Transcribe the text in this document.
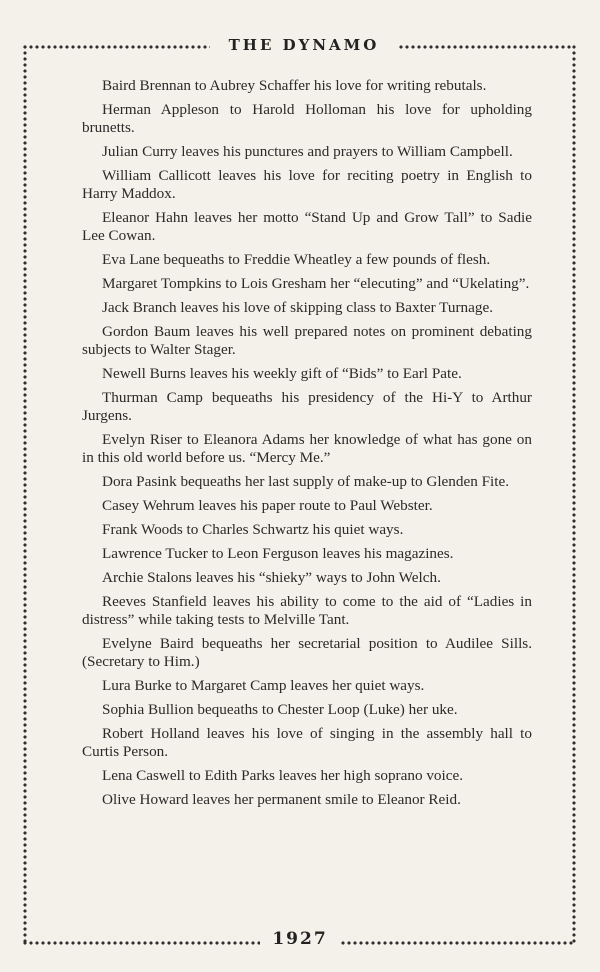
THE DYNAMO

Baird Brennan to Aubrey Schaffer his love for writing rebutals.

Herman Appleson to Harold Holloman his love for upholding brunetts.

Julian Curry leaves his punctures and prayers to William Campbell.

William Callicott leaves his love for reciting poetry in English to Harry Maddox.

Eleanor Hahn leaves her motto “Stand Up and Grow Tall” to Sadie Lee Cowan.

Eva Lane bequeaths to Freddie Wheatley a few pounds of flesh.

Margaret Tompkins to Lois Gresham her “elecuting” and “Ukelating”.

Jack Branch leaves his love of skipping class to Baxter Turnage.

Gordon Baum leaves his well prepared notes on prominent debating subjects to Walter Stager.

Newell Burns leaves his weekly gift of “Bids” to Earl Pate.

Thurman Camp bequeaths his presidency of the Hi-Y to Arthur Jurgens.

Evelyn Riser to Eleanora Adams her knowledge of what has gone on in this old world before us. “Mercy Me.”

Dora Pasink bequeaths her last supply of make-up to Glenden Fite.

Casey Wehrum leaves his paper route to Paul Webster.

Frank Woods to Charles Schwartz his quiet ways.

Lawrence Tucker to Leon Ferguson leaves his magazines.

Archie Stalons leaves his “shieky” ways to John Welch.

Reeves Stanfield leaves his ability to come to the aid of “Ladies in distress” while taking tests to Melville Tant.

Evelyne Baird bequeaths her secretarial position to Audilee Sills. (Secretary to Him.)

Lura Burke to Margaret Camp leaves her quiet ways.

Sophia Bullion bequeaths to Chester Loop (Luke) her uke.

Robert Holland leaves his love of singing in the assembly hall to Curtis Person.

Lena Caswell to Edith Parks leaves her high soprano voice.

Olive Howard leaves her permanent smile to Eleanor Reid.

1927
